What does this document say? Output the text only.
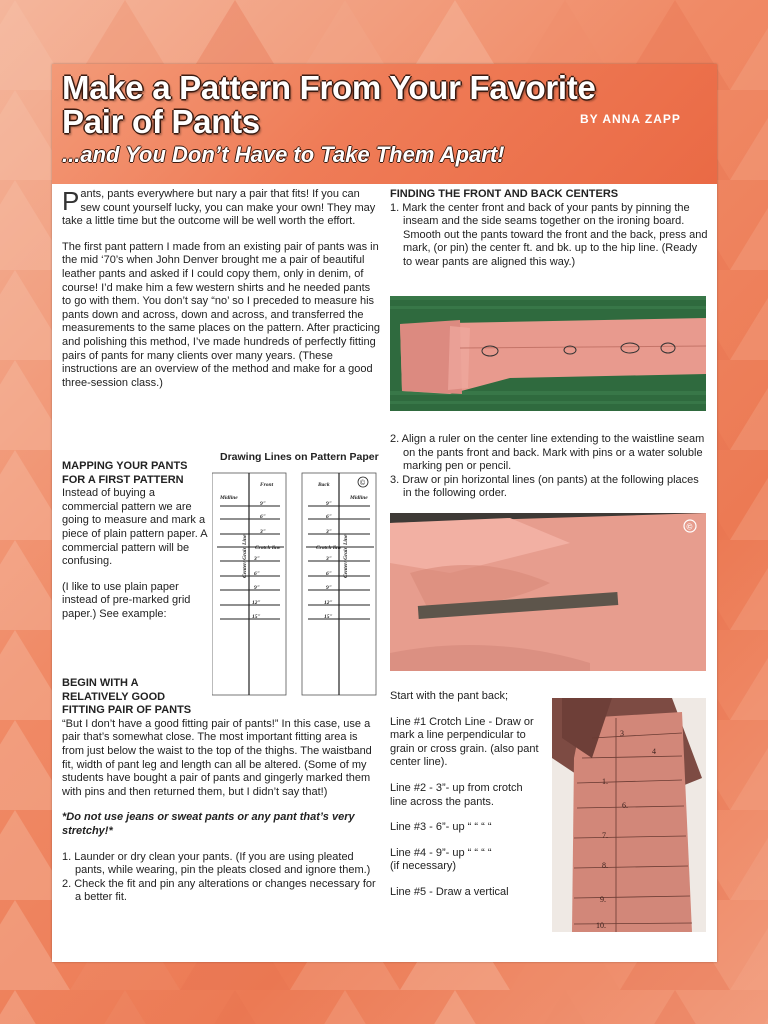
Make a Pattern From Your Favorite
Pair of Pants
...and You Don’t Have to Take Them Apart!
BY ANNA ZAPP

P ants, pants everywhere but nary a pair that fits! If you can sew count yourself lucky, you can make your own! They may take a little time but the outcome will be well worth the effort.

The first pant pattern I made from an existing pair of pants was in the mid ‘70’s when John Denver brought me a pair of beautiful leather pants and asked if I could copy them, only in denim, of course! I’d make him a few western shirts and he needed pants to go with them. You don’t say “no’ so I preceded to measure his pants down and across, down and across, and transferred the measurements to the same places on the pattern. After practicing and polishing this method, I’ve made hundreds of perfectly fitting pairs of pants for many clients over many years. (These instructions are an overview of the method and make for a good three-session class.)

MAPPING YOUR PANTS
FOR A FIRST PATTERN

Instead of buying a commercial pattern we are going to measure and mark a piece of plain pattern paper. A commercial pattern will be confusing.

(I like to use plain paper instead of pre-marked grid paper.) See example:

Drawing Lines on Pattern Paper
Front	Back
Midline	Midline
Crotch line	Crotch line
9"
6"
3"
3"
6"
9"
12"
15"
9"
6"
3"
3"
6"
9"
12"
15"
Center/ Grain Line	Center/ Grain Line
©
BEGIN WITH A
RELATIVELY GOOD
FITTING PAIR OF PANTS

“But I don’t have a good fitting pair of pants!” In this case, use a pair that’s somewhat close. The most important fitting area is from just below the waist to the top of the thighs. The waistband fit, width of pant leg and length can all be altered. (Some of my students have bought a pair of pants and gingerly marked them with pins and then returned them, but I didn’t say that!)

*Do not use jeans or sweat pants or any pant that’s very stretchy!*

1. Launder or dry clean your pants. (If you are using pleated pants, while wearing, pin the pleats closed and ignore them.)
2. Check the fit and pin any alterations or changes necessary for a better fit.
FINDING THE FRONT AND BACK CENTERS
1. Mark the center front and back of your pants by pinning the inseam and the side seams together on the ironing board. Smooth out the pants toward the front and the back, press and mark, (or pin) the center ft. and bk. up to the hip line. (Ready to wear pants are aligned this way.)
2. Align a ruler on the center line extending to the waistline seam on the pants front and back. Mark with pins or a water soluble marking pen or pencil.
3. Draw or pin horizontal lines (on pants) at the following places in the following order.
©

Start with the pant back;

Line #1 Crotch Line - Draw or mark a line perpendicular to grain or cross grain. (also pant center line).

Line #2 - 3”- up from crotch line across the pants.

Line #3 - 6”- up “ “ “ “

Line #4 - 9”- up “ “ “ “

(if necessary)

Line #5 - Draw a vertical

3
4
1.
6.
7.
8.
9.
10.
